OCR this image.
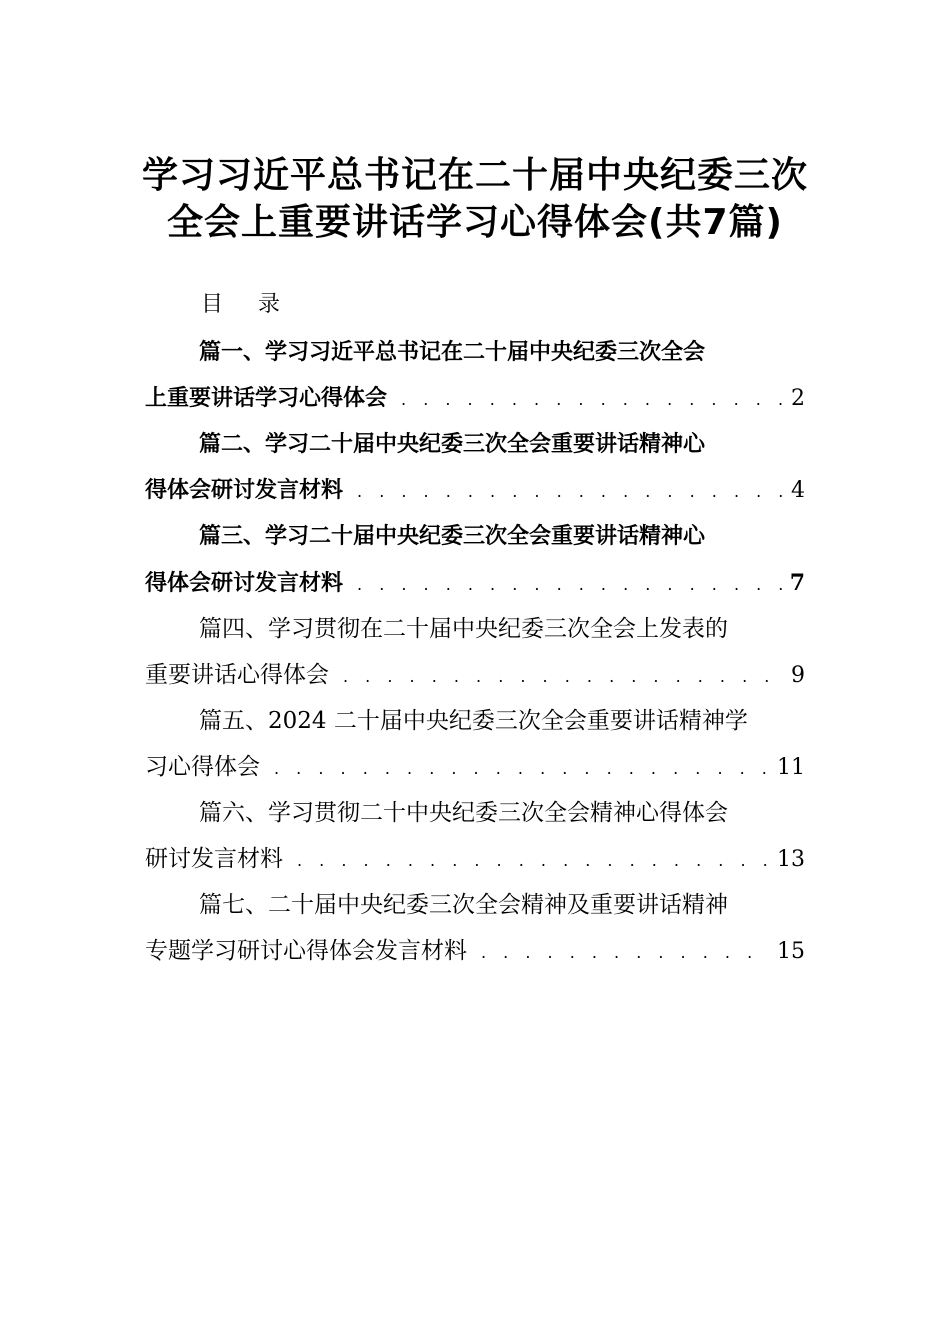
学习习近平总书记在二十届中央纪委三次
全会上重要讲话学习心得体会(共7篇)
目 录
篇一、学习习近平总书记在二十届中央纪委三次全会
上重要讲话学习心得体会 . . .	2
篇二、学习二十届中央纪委三次全会重要讲话精神心
得体会研讨发言材料 . . .	4
篇三、学习二十届中央纪委三次全会重要讲话精神心
得体会研讨发言材料 . . .	7
篇四、学习贯彻在二十届中央纪委三次全会上发表的
重要讲话心得体会 . . .	9
篇五、2024 二十届中央纪委三次全会重要讲话精神学
习心得体会 . . .	11
篇六、学习贯彻二十中央纪委三次全会精神心得体会
研讨发言材料 . . .	13
篇七、二十届中央纪委三次全会精神及重要讲话精神
专题学习研讨心得体会发言材料 . . .	15
